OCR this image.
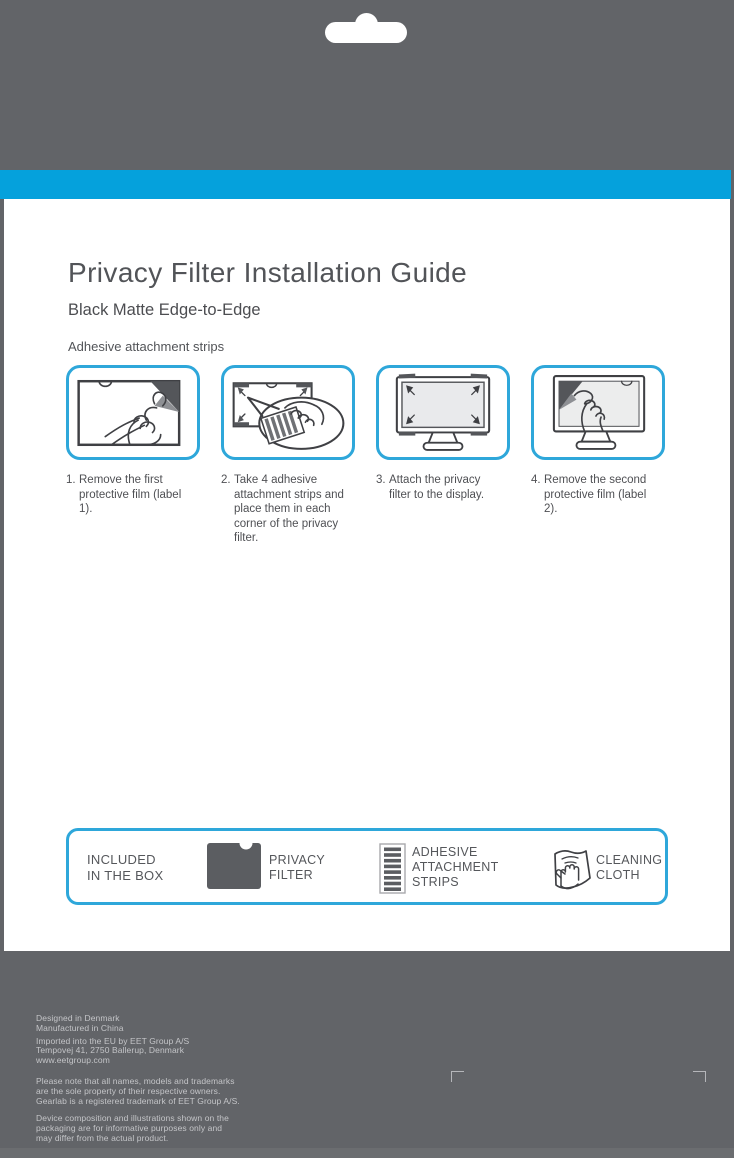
Privacy Filter Installation Guide
Black Matte Edge-to-Edge
Adhesive attachment strips
1. Remove the first protective film (label 1).
2. Take 4 adhesive attachment strips and place them in each corner of the privacy filter.
3. Attach the privacy filter to the display.
4. Remove the second protective film (label 2).
INCLUDED
IN THE BOX
PRIVACY
FILTER
ADHESIVE
ATTACHMENT
STRIPS
CLEANING
CLOTH
Designed in Denmark
Manufactured in China
Imported into the EU by EET Group A/S
Tempovej 41, 2750 Ballerup, Denmark
www.eetgroup.com
Please note that all names, models and trademarks
are the sole property of their respective owners.
Gearlab is a registered trademark of EET Group A/S.
Device composition and illustrations shown on the
packaging are for informative purposes only and
may differ from the actual product.
